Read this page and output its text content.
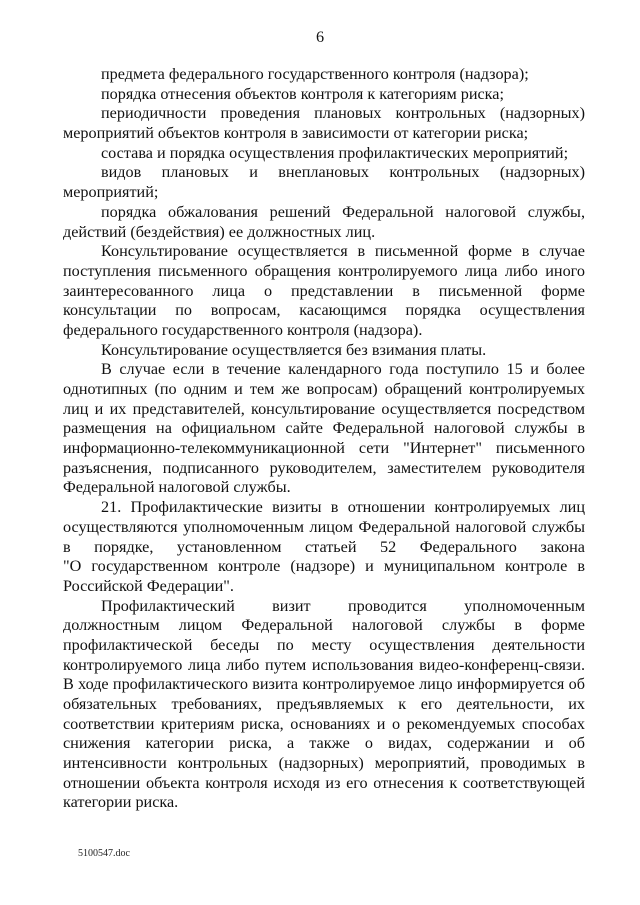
6
предмета федерального государственного контроля (надзора);
порядка отнесения объектов контроля к категориям риска;
периодичности проведения плановых контрольных (надзорных)
мероприятий объектов контроля в зависимости от категории риска;
состава и порядка осуществления профилактических мероприятий;
видов плановых и внеплановых контрольных (надзорных)
мероприятий;
порядка обжалования решений Федеральной налоговой службы,
действий (бездействия) ее должностных лиц.
Консультирование осуществляется в письменной форме в случае
поступления письменного обращения контролируемого лица либо иного
заинтересованного лица о представлении в письменной форме
консультации по вопросам, касающимся порядка осуществления
федерального государственного контроля (надзора).
Консультирование осуществляется без взимания платы.
В случае если в течение календарного года поступило 15 и более
однотипных (по одним и тем же вопросам) обращений контролируемых
лиц и их представителей, консультирование осуществляется посредством
размещения на официальном сайте Федеральной налоговой службы в
информационно-телекоммуникационной сети "Интернет" письменного
разъяснения, подписанного руководителем, заместителем руководителя
Федеральной налоговой службы.
21. Профилактические визиты в отношении контролируемых лиц
осуществляются уполномоченным лицом Федеральной налоговой службы
в порядке, установленном статьей 52 Федерального закона
"О государственном контроле (надзоре) и муниципальном контроле в
Российской Федерации".
Профилактический визит проводится уполномоченным
должностным лицом Федеральной налоговой службы в форме
профилактической беседы по месту осуществления деятельности
контролируемого лица либо путем использования видео-конференц-связи.
В ходе профилактического визита контролируемое лицо информируется об
обязательных требованиях, предъявляемых к его деятельности, их
соответствии критериям риска, основаниях и о рекомендуемых способах
снижения категории риска, а также о видах, содержании и об
интенсивности контрольных (надзорных) мероприятий, проводимых в
отношении объекта контроля исходя из его отнесения к соответствующей
категории риска.
5100547.doc
